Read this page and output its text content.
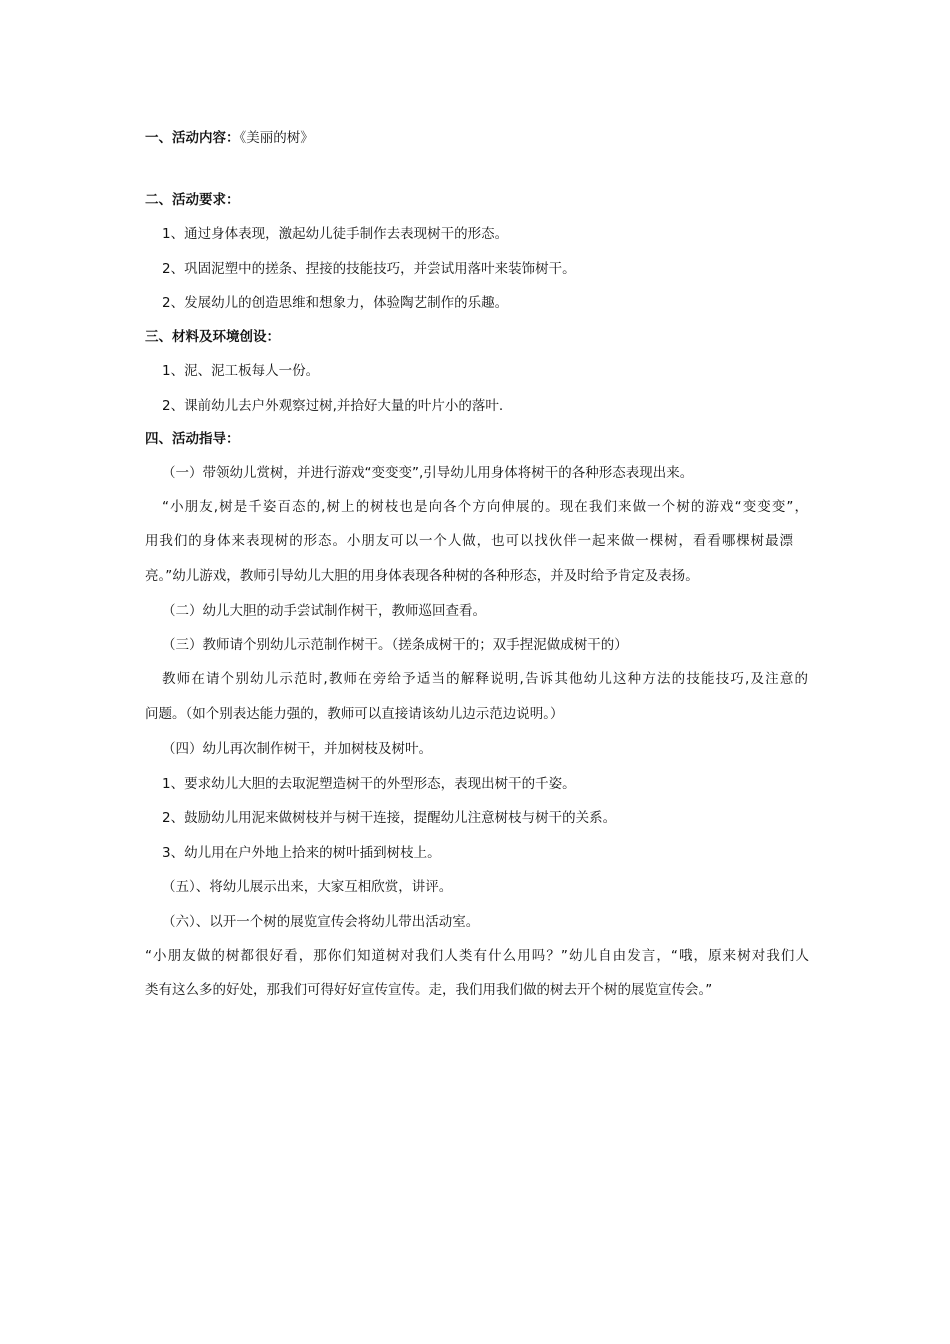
一、活动内容：《美丽的树》
二、活动要求：
1、通过身体表现，激起幼儿徒手制作去表现树干的形态。
2、巩固泥塑中的搓条、捏接的技能技巧，并尝试用落叶来装饰树干。
2、发展幼儿的创造思维和想象力，体验陶艺制作的乐趣。
三、材料及环境创设：
1、泥、泥工板每人一份。
2、课前幼儿去户外观察过树,并拾好大量的叶片小的落叶.
四、活动指导：
（一）带领幼儿赏树，并进行游戏“变变变”,引导幼儿用身体将树干的各种形态表现出来。
“小朋友,树是千姿百态的,树上的树枝也是向各个方向伸展的。现在我们来做一个树的游戏“变变变”，
用我们的身体来表现树的形态。小朋友可以一个人做，也可以找伙伴一起来做一棵树，看看哪棵树最漂
亮。”幼儿游戏，教师引导幼儿大胆的用身体表现各种树的各种形态，并及时给予肯定及表扬。
（二）幼儿大胆的动手尝试制作树干，教师巡回查看。
（三）教师请个别幼儿示范制作树干。（搓条成树干的；双手捏泥做成树干的）
教师在请个别幼儿示范时,教师在旁给予适当的解释说明,告诉其他幼儿这种方法的技能技巧,及注意的
问题。（如个别表达能力强的，教师可以直接请该幼儿边示范边说明。）
（四）幼儿再次制作树干，并加树枝及树叶。
1、要求幼儿大胆的去取泥塑造树干的外型形态，表现出树干的千姿。
2、鼓励幼儿用泥来做树枝并与树干连接，提醒幼儿注意树枝与树干的关系。
3、幼儿用在户外地上拾来的树叶插到树枝上。
（五）、将幼儿展示出来，大家互相欣赏，讲评。
（六）、以开一个树的展览宣传会将幼儿带出活动室。
“小朋友做的树都很好看，那你们知道树对我们人类有什么用吗？”幼儿自由发言，“哦，原来树对我们人
类有这么多的好处，那我们可得好好宣传宣传。走，我们用我们做的树去开个树的展览宣传会。”
